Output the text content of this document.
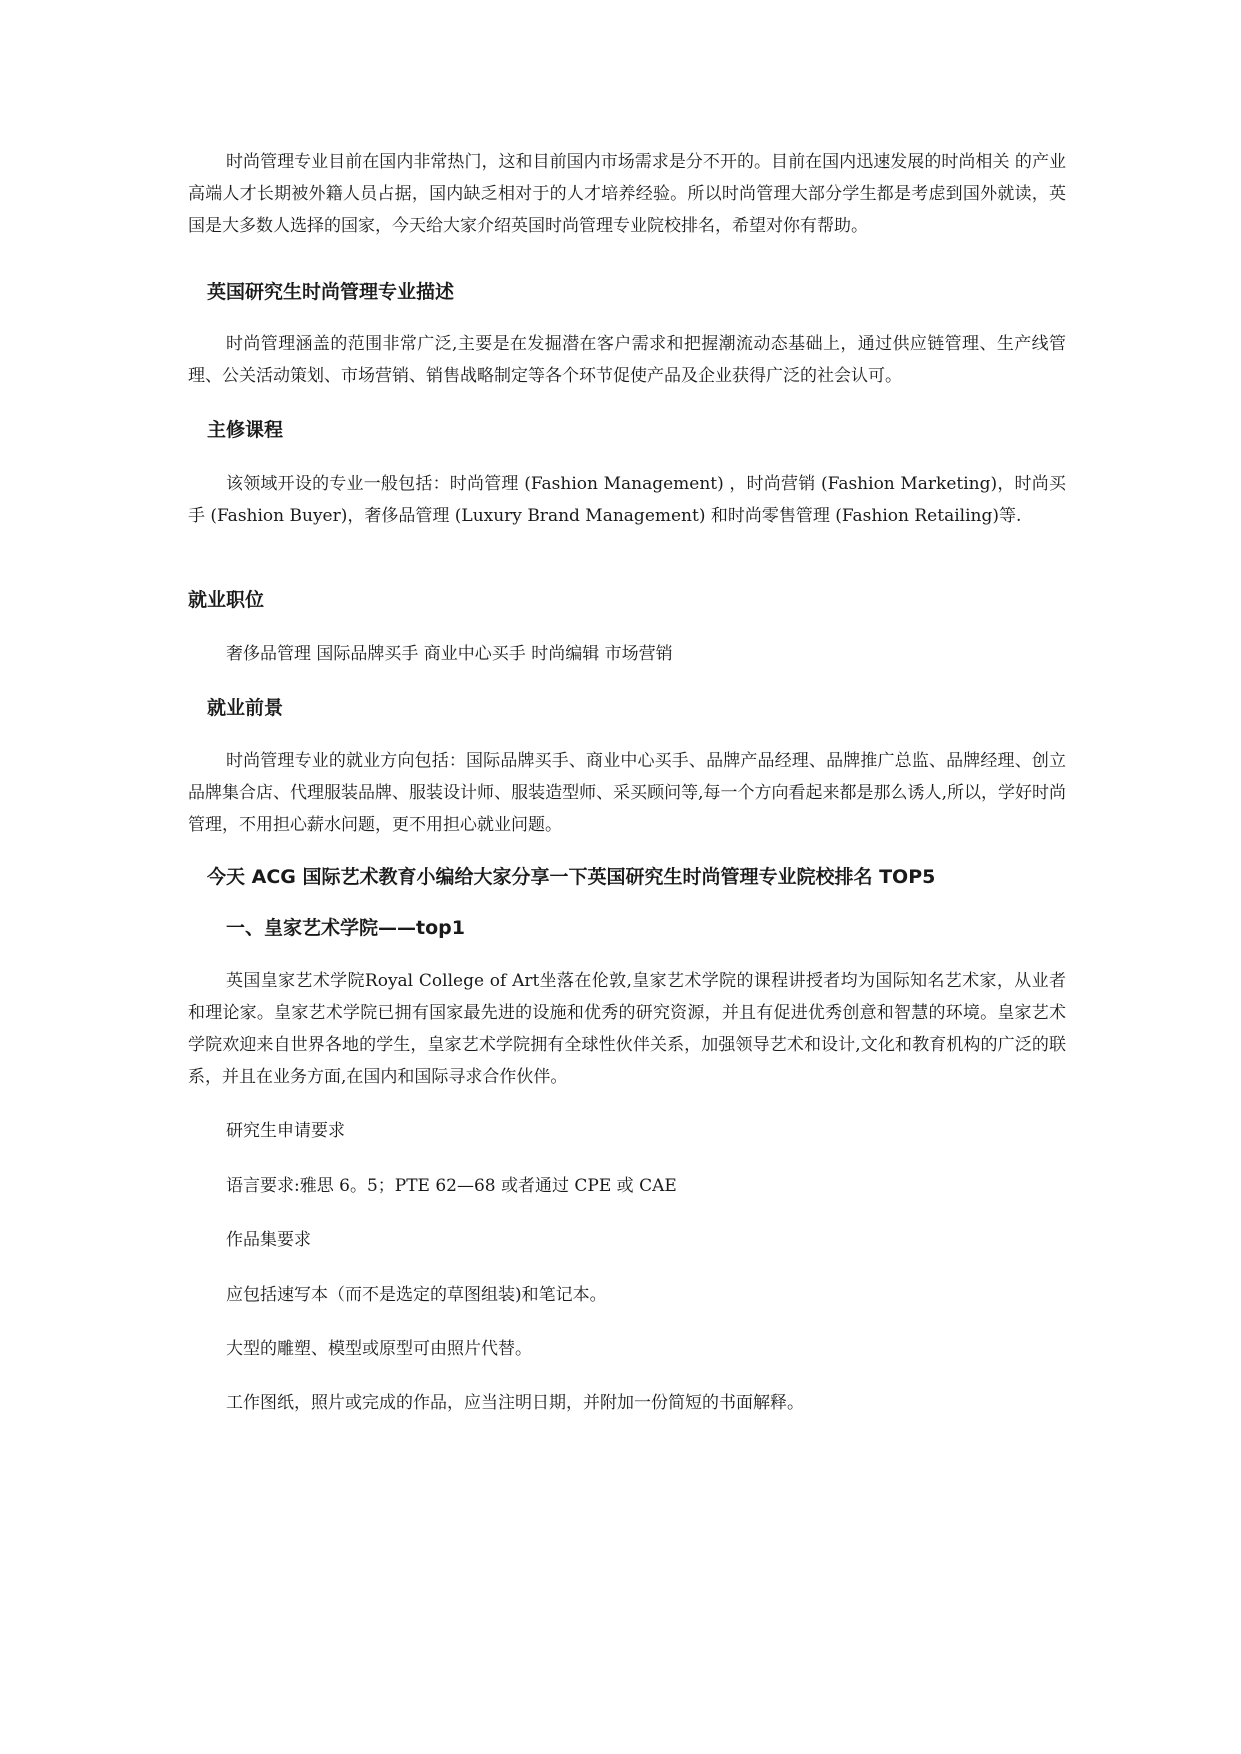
时尚管理专业目前在国内非常热门，这和目前国内市场需求是分不开的。目前在国内迅速发展的时尚相关 的产业高端人才长期被外籍人员占据，国内缺乏相对于的人才培养经验。所以时尚管理大部分学生都是考虑到国外就读，英国是大多数人选择的国家，今天给大家介绍英国时尚管理专业院校排名，希望对你有帮助。

英国研究生时尚管理专业描述

时尚管理涵盖的范围非常广泛,主要是在发掘潜在客户需求和把握潮流动态基础上，通过供应链管理、生产线管理、公关活动策划、市场营销、销售战略制定等各个环节促使产品及企业获得广泛的社会认可。

主修课程

该领域开设的专业一般包括：时尚管理 (Fashion Management) ，时尚营销 (Fashion Marketing)，时尚买手 (Fashion Buyer)，奢侈品管理 (Luxury Brand Management) 和时尚零售管理 (Fashion Retailing)等.

就业职位

奢侈品管理 国际品牌买手 商业中心买手 时尚编辑 市场营销

就业前景

时尚管理专业的就业方向包括：国际品牌买手、商业中心买手、品牌产品经理、品牌推广总监、品牌经理、创立品牌集合店、代理服装品牌、服装设计师、服装造型师、采买顾问等,每一个方向看起来都是那么诱人,所以，学好时尚管理，不用担心薪水问题，更不用担心就业问题。

今天 ACG 国际艺术教育小编给大家分享一下英国研究生时尚管理专业院校排名 TOP5
一、皇家艺术学院——top1

英国皇家艺术学院Royal College of Art坐落在伦敦,皇家艺术学院的课程讲授者均为国际知名艺术家，从业者和理论家。皇家艺术学院已拥有国家最先进的设施和优秀的研究资源，并且有促进优秀创意和智慧的环境。皇家艺术学院欢迎来自世界各地的学生，皇家艺术学院拥有全球性伙伴关系，加强领导艺术和设计,文化和教育机构的广泛的联系，并且在业务方面,在国内和国际寻求合作伙伴。

研究生申请要求

语言要求:雅思 6。5；PTE 62—68 或者通过 CPE 或 CAE

作品集要求

应包括速写本（而不是选定的草图组装)和笔记本。

大型的雕塑、模型或原型可由照片代替。

工作图纸，照片或完成的作品，应当注明日期，并附加一份简短的书面解释。
